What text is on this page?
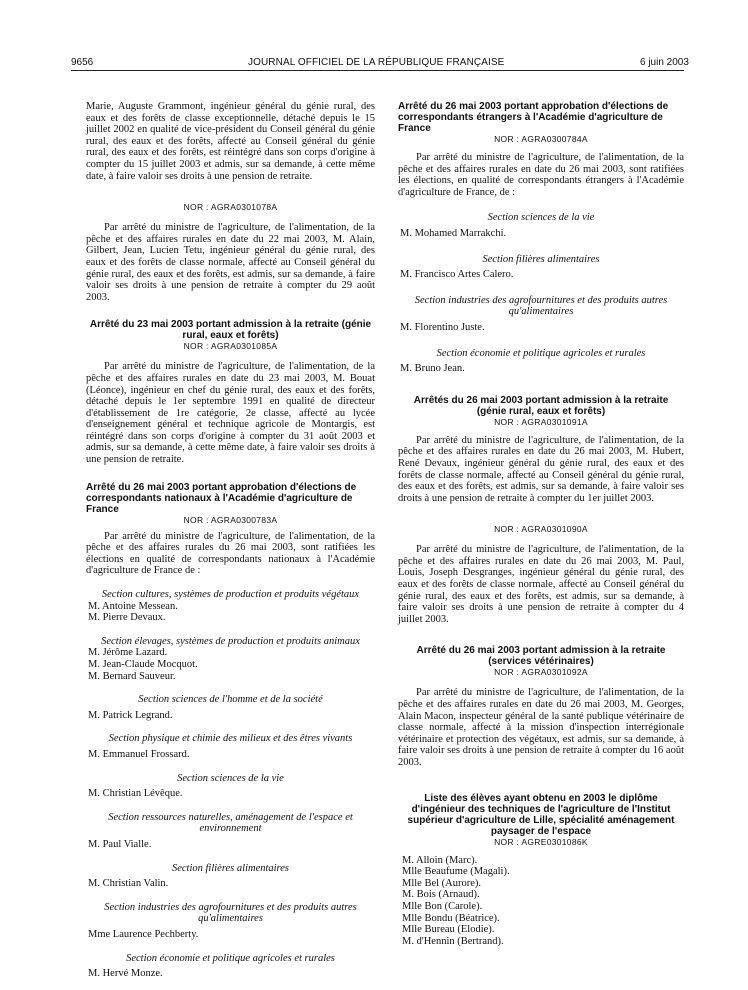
9656	JOURNAL OFFICIEL DE LA RÉPUBLIQUE FRANÇAISE	6 juin 2003

Marie, Auguste Grammont, ingénieur général du génie rural, des eaux et des forêts de classe exceptionnelle, détaché depuis le 15 juillet 2002 en qualité de vice-président du Conseil général du génie rural, des eaux et des forêts, affecté au Conseil général du génie rural, des eaux et des forêts, est réintégré dans son corps d'origine à compter du 15 juillet 2003 et admis, sur sa demande, à cette même date, à faire valoir ses droits à une pension de retraite.

NOR : AGRA0301078A

Par arrêté du ministre de l'agriculture, de l'alimentation, de la pêche et des affaires rurales en date du 22 mai 2003, M. Alain, Gilbert, Jean, Lucien Tetu, ingénieur général du génie rural, des eaux et des forêts de classe normale, affecté au Conseil général du génie rural, des eaux et des forêts, est admis, sur sa demande, à faire valoir ses droits à une pension de retraite à compter du 29 août 2003.

Arrêté du 23 mai 2003 portant admission à la retraite (génie rural, eaux et forêts)

NOR : AGRA0301085A

Par arrêté du ministre de l'agriculture, de l'alimentation, de la pêche et des affaires rurales en date du 23 mai 2003, M. Bouat (Léonce), ingénieur en chef du génie rural, des eaux et des forêts, détaché depuis le 1er septembre 1991 en qualité de directeur d'établissement de 1re catégorie, 2e classe, affecté au lycée d'enseignement général et technique agricole de Montargis, est réintégré dans son corps d'origine à compter du 31 août 2003 et admis, sur sa demande, à cette même date, à faire valoir ses droits à une pension de retraite.

Arrêté du 26 mai 2003 portant approbation d'élections de correspondants nationaux à l'Académie d'agriculture de France

NOR : AGRA0300783A

Par arrêté du ministre de l'agriculture, de l'alimentation, de la pêche et des affaires rurales du 26 mai 2003, sont ratifiées les élections en qualité de correspondants nationaux à l'Académie d'agriculture de France de :

Section cultures, systèmes de production et produits végétaux

M. Antoine Messean.

M. Pierre Devaux.

Section élevages, systèmes de production et produits animaux

M. Jérôme Lazard.

M. Jean-Claude Mocquot.

M. Bernard Sauveur.

Section sciences de l'homme et de la société

M. Patrick Legrand.

Section physique et chimie des milieux et des êtres vivants

M. Emmanuel Frossard.

Section sciences de la vie

M. Christian Lévêque.

Section ressources naturelles, aménagement de l'espace et environnement

M. Paul Vialle.

Section filières alimentaires

M. Christian Valin.

Section industries des agrofournitures et des produits autres qu'alimentaires

Mme Laurence Pechberty.

Section économie et politique agricoles et rurales

M. Hervé Monze.

Arrêté du 26 mai 2003 portant approbation d'élections de correspondants étrangers à l'Académie d'agriculture de France

NOR : AGRA0300784A

Par arrêté du ministre de l'agriculture, de l'alimentation, de la pêche et des affaires rurales en date du 26 mai 2003, sont ratifiées les élections, en qualité de correspondants étrangers à l'Académie d'agriculture de France, de :

Section sciences de la vie

M. Mohamed Marrakchi.

Section filières alimentaires

M. Francisco Artes Calero.

Section industries des agrofournitures et des produits autres qu'alimentaires

M. Florentino Juste.

Section économie et politique agricoles et rurales

M. Bruno Jean.

Arrêtés du 26 mai 2003 portant admission à la retraite (génie rural, eaux et forêts)

NOR : AGRA0301091A

Par arrêté du ministre de l'agriculture, de l'alimentation, de la pêche et des affaires rurales en date du 26 mai 2003, M. Hubert, René Devaux, ingénieur général du génie rural, des eaux et des forêts de classe normale, affecté au Conseil général du génie rural, des eaux et des forêts, est admis, sur sa demande, à faire valoir ses droits à une pension de retraite à compter du 1er juillet 2003.

NOR : AGRA0301090A

Par arrêté du ministre de l'agriculture, de l'alimentation, de la pêche et des affaires rurales en date du 26 mai 2003, M. Paul, Louis, Joseph Desgranges, ingénieur général du génie rural, des eaux et des forêts de classe normale, affecté au Conseil général du génie rural, des eaux et des forêts, est admis, sur sa demande, à faire valoir ses droits à une pension de retraite à compter du 4 juillet 2003.

Arrêté du 26 mai 2003 portant admission à la retraite (services vétérinaires)

NOR : AGRA0301092A

Par arrêté du ministre de l'agriculture, de l'alimentation, de la pêche et des affaires rurales en date du 26 mai 2003, M. Georges, Alain Macon, inspecteur général de la santé publique vétérinaire de classe normale, affecté à la mission d'inspection interrégionale vétérinaire et protection des végétaux, est admis, sur sa demande, à faire valoir ses droits à une pension de retraite à compter du 16 août 2003.

Liste des élèves ayant obtenu en 2003 le diplôme d'ingénieur des techniques de l'agriculture de l'Institut supérieur d'agriculture de Lille, spécialité aménagement paysager de l'espace

NOR : AGRE0301086K

M. Alloin (Marc).

Mlle Beaufume (Magali).

Mlle Bel (Aurore).

M. Bois (Arnaud).

Mlle Bon (Carole).

Mlle Bondu (Béatrice).

Mlle Bureau (Elodie).

M. d'Hennin (Bertrand).
